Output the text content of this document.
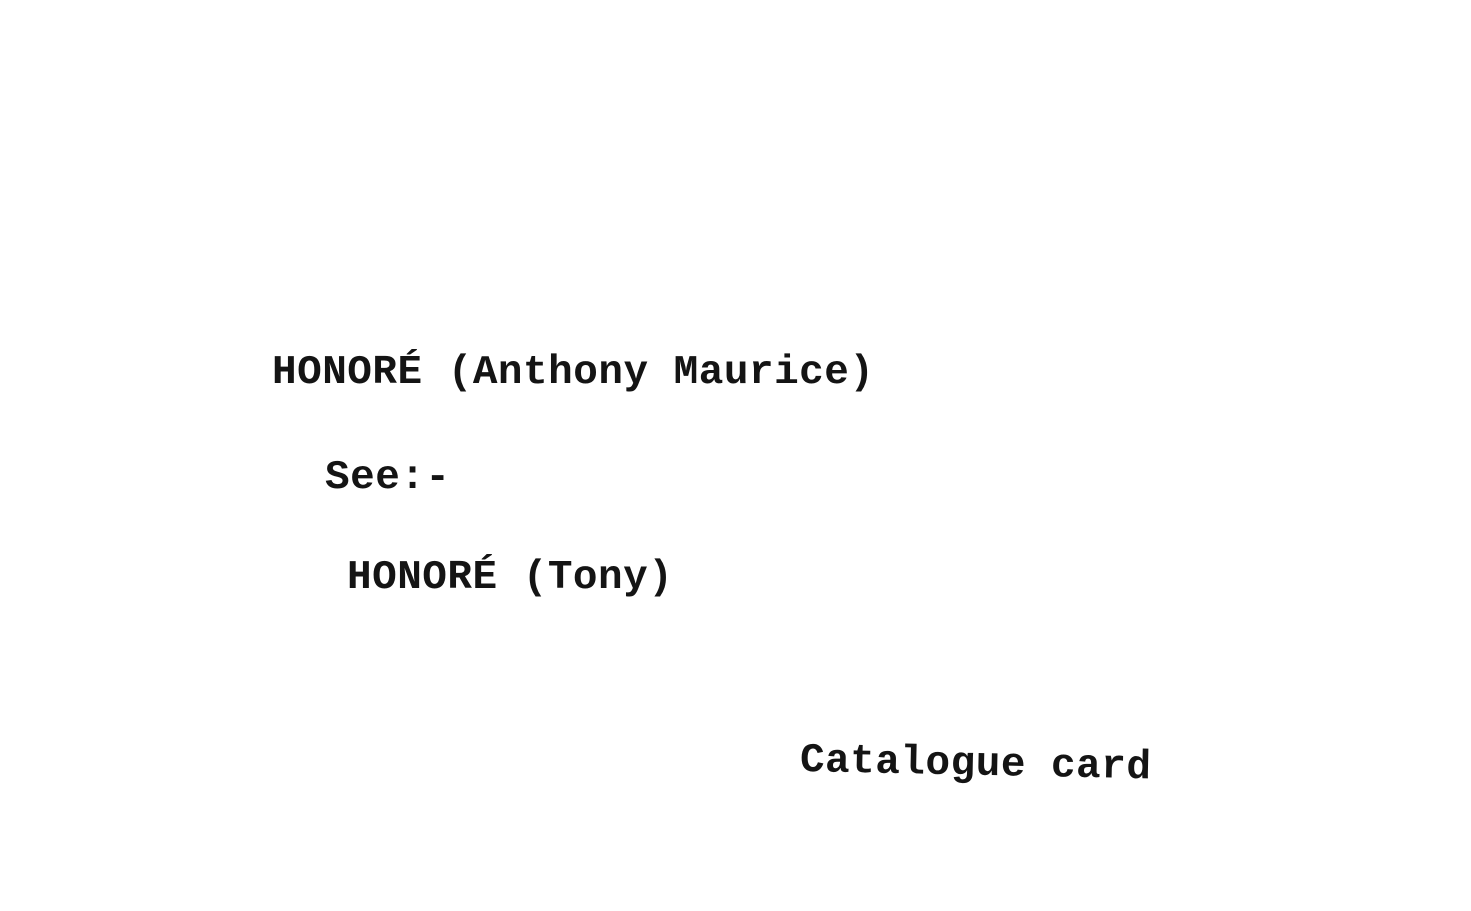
HONORÉ (Anthony Maurice)
See:-
HONORÉ (Tony)
Catalogue card
